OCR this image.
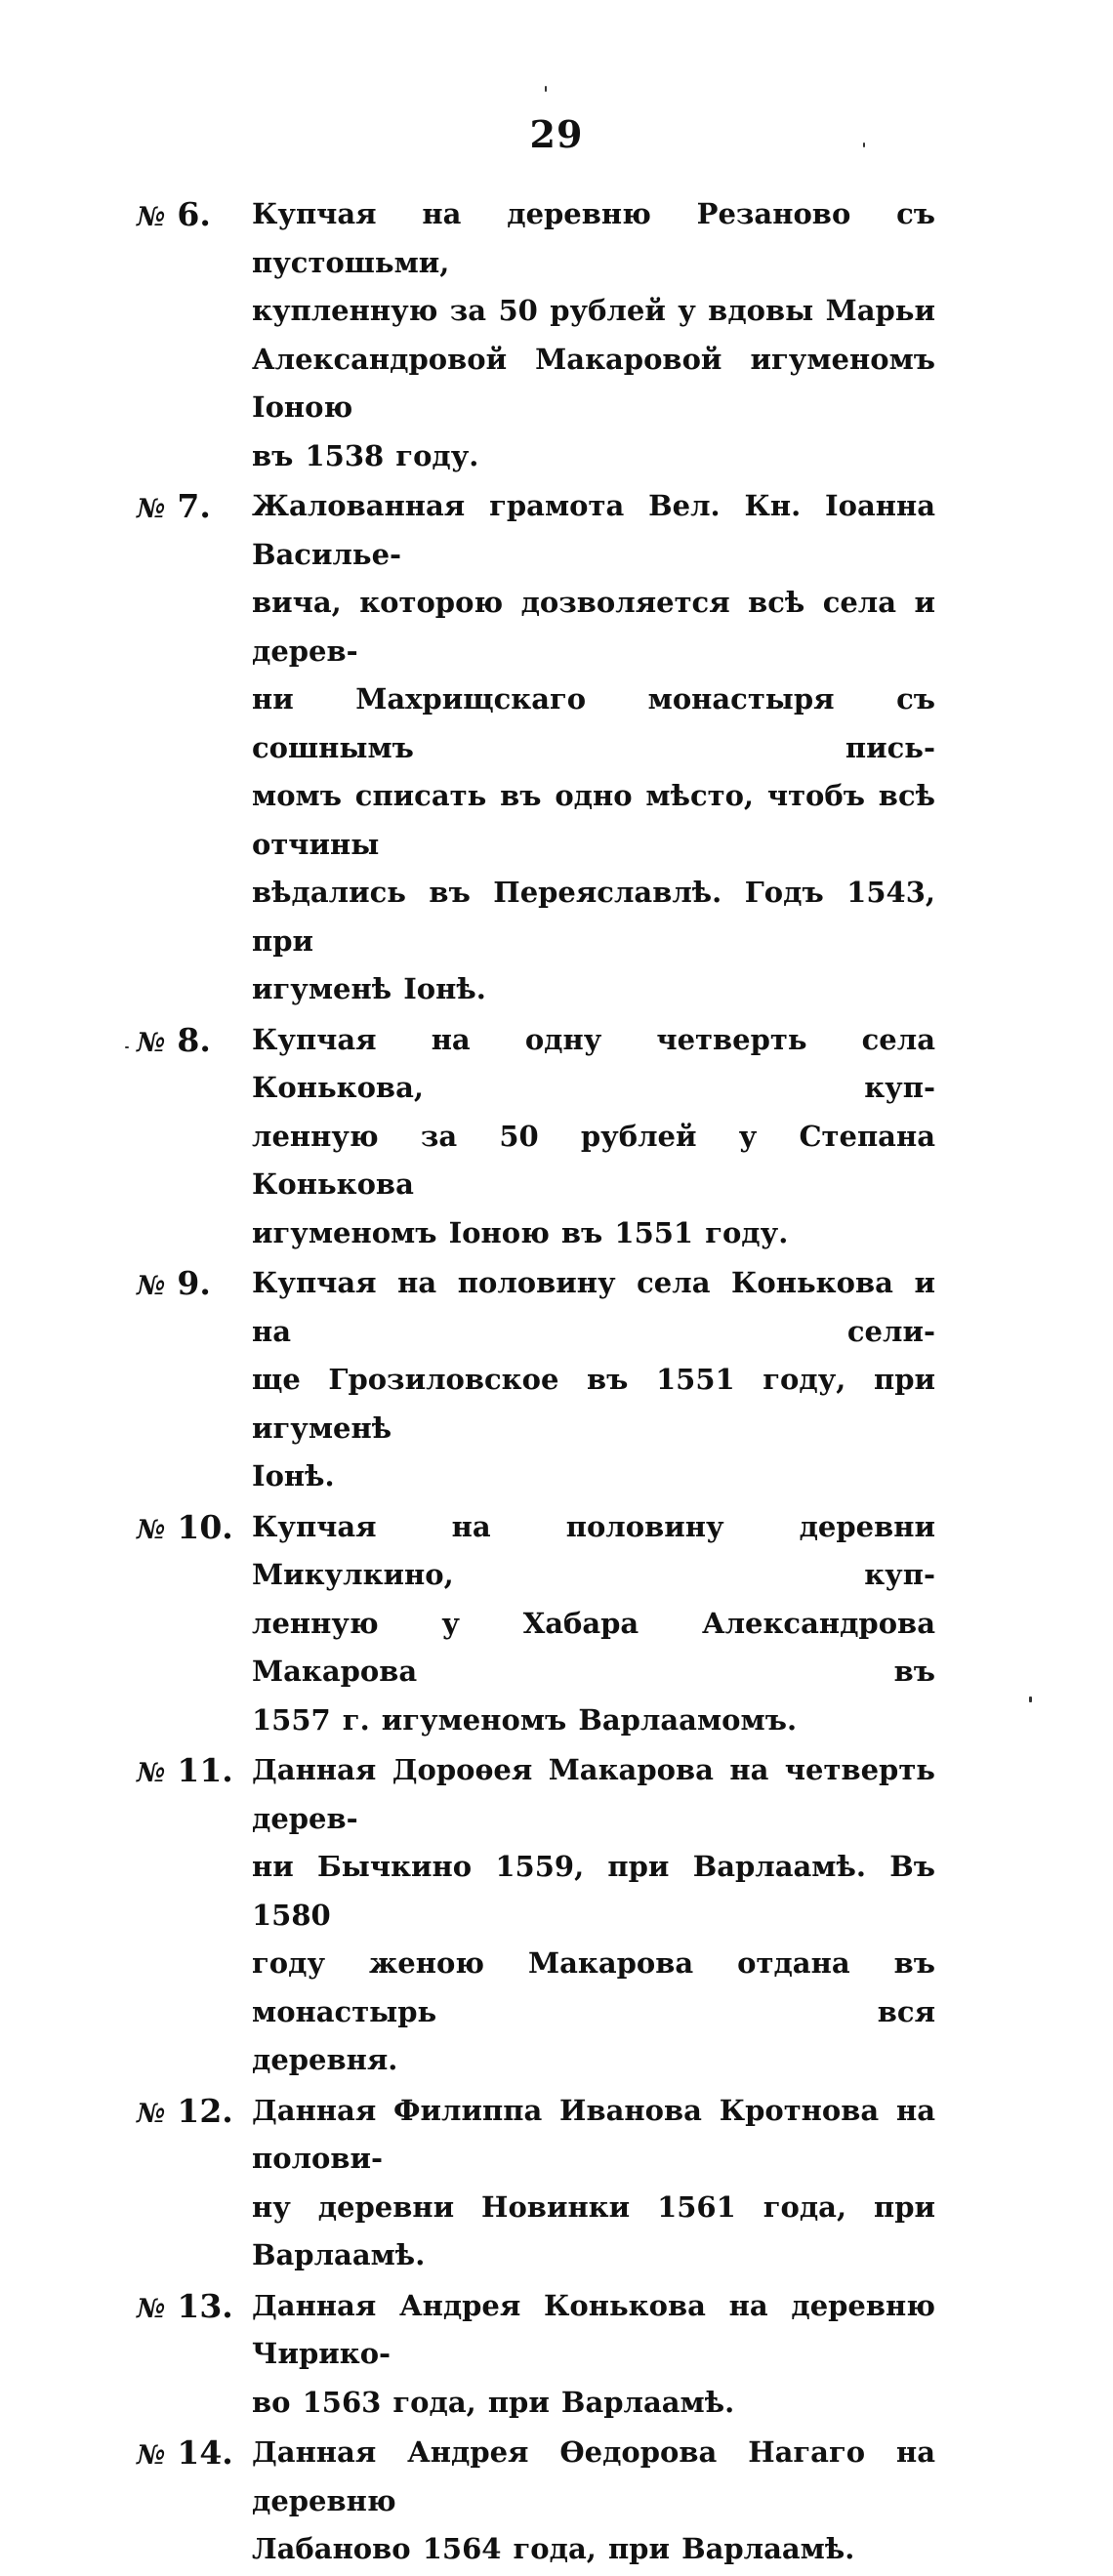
29
№ 6.	Купчая на деревню Резаново съ пустошьми,
купленную за 50 рублей у вдовы Марьи
Александровой Макаровой игуменомъ Іоною
въ 1538 году.
№ 7.	Жалованная грамота Вел. Кн. Іоанна Василье-
вича, которою дозволяется всѣ села и дерев-
ни Махрищскаго монастыря съ сошнымъ пись-
момъ списать въ одно мѣсто, чтобъ всѣ отчины
вѣдались въ Переяславлѣ. Годъ 1543, при
игуменѣ Іонѣ.
№ 8.	Купчая на одну четверть села Конькова, куп-
ленную за 50 рублей у Степана Конькова
игуменомъ Іоною въ 1551 году.
№ 9.	Купчая на половину села Конькова и на сели-
ще Грозиловское въ 1551 году, при игуменѣ
Іонѣ.
№ 10. Купчая на половину деревни Микулкино, куп-
ленную у Хабара Александрова Макарова въ
1557 г. игуменомъ Варлаамомъ.
№ 11. Данная Дороѳея Макарова на четверть дерев-
ни Бычкино 1559, при Варлаамѣ. Въ 1580
году женою Макарова отдана въ монастырь вся
деревня.
№ 12. Данная Филиппа Иванова Кротнова на полови-
ну деревни Новинки 1561 года, при Варлаамѣ.
№ 13. Данная Андрея Конькова на деревню Чирико-
во 1563 года, при Варлаамѣ.
№ 14. Данная Андрея Ѳедорова Нагаго на деревню
Лабаново 1564 года, при Варлаамѣ.
